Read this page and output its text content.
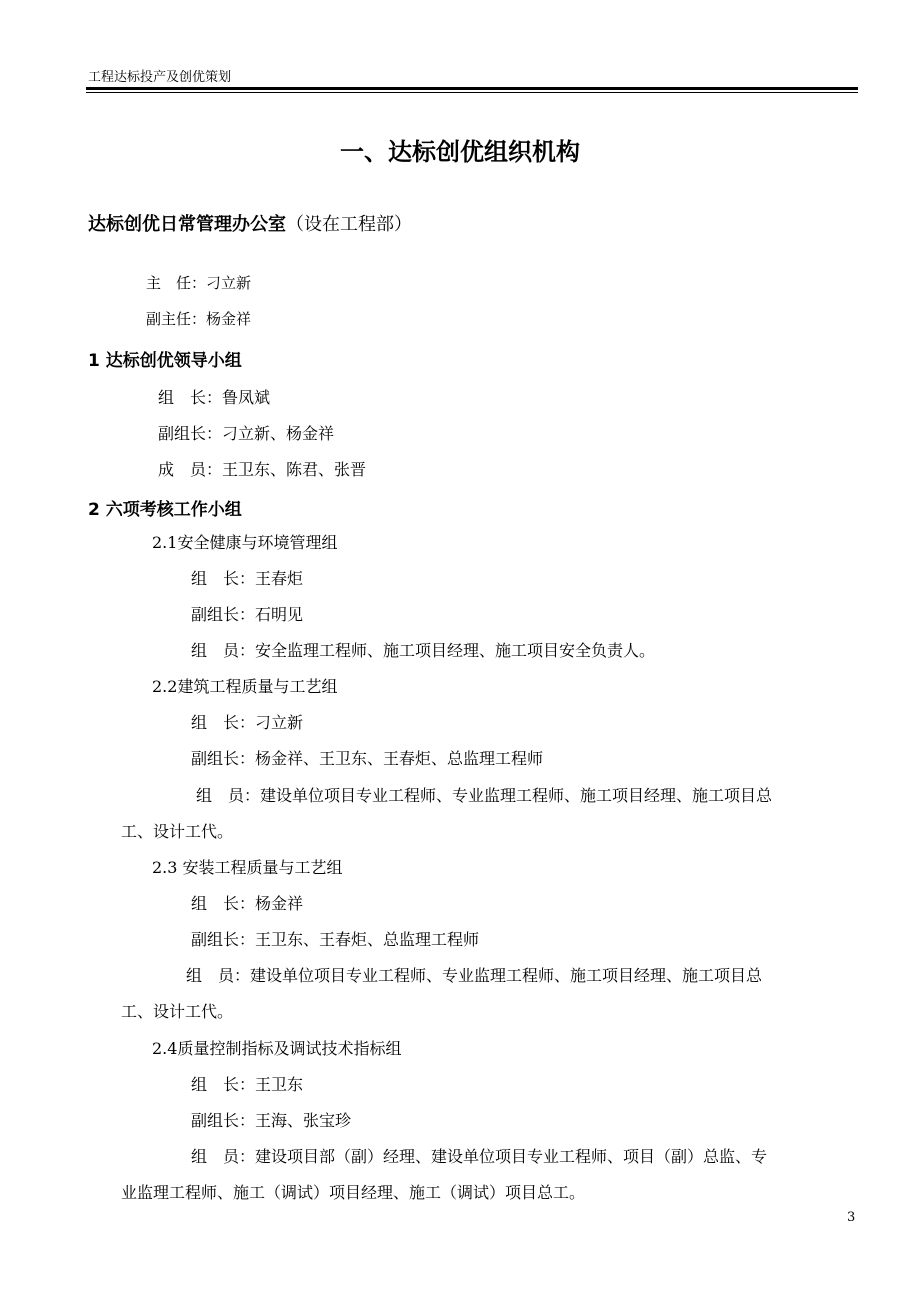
工程达标投产及创优策划
一、达标创优组织机构
达标创优日常管理办公室（设在工程部）
主　任：刁立新
副主任：杨金祥
1 达标创优领导小组
组　长：鲁凤斌
副组长：刁立新、杨金祥
成　员：王卫东、陈君、张晋
2 六项考核工作小组
2.1安全健康与环境管理组
组　长：王春炬
副组长：石明见
组　员：安全监理工程师、施工项目经理、施工项目安全负责人。
2.2建筑工程质量与工艺组
组　长：刁立新
副组长：杨金祥、王卫东、王春炬、总监理工程师
组　员：建设单位项目专业工程师、专业监理工程师、施工项目经理、施工项目总
工、设计工代。
2.3 安装工程质量与工艺组
组　长：杨金祥
副组长：王卫东、王春炬、总监理工程师
组　员：建设单位项目专业工程师、专业监理工程师、施工项目经理、施工项目总
工、设计工代。
2.4质量控制指标及调试技术指标组
组　长：王卫东
副组长：王海、张宝珍
组　员：建设项目部（副）经理、建设单位项目专业工程师、项目（副）总监、专
业监理工程师、施工（调试）项目经理、施工（调试）项目总工。
3
